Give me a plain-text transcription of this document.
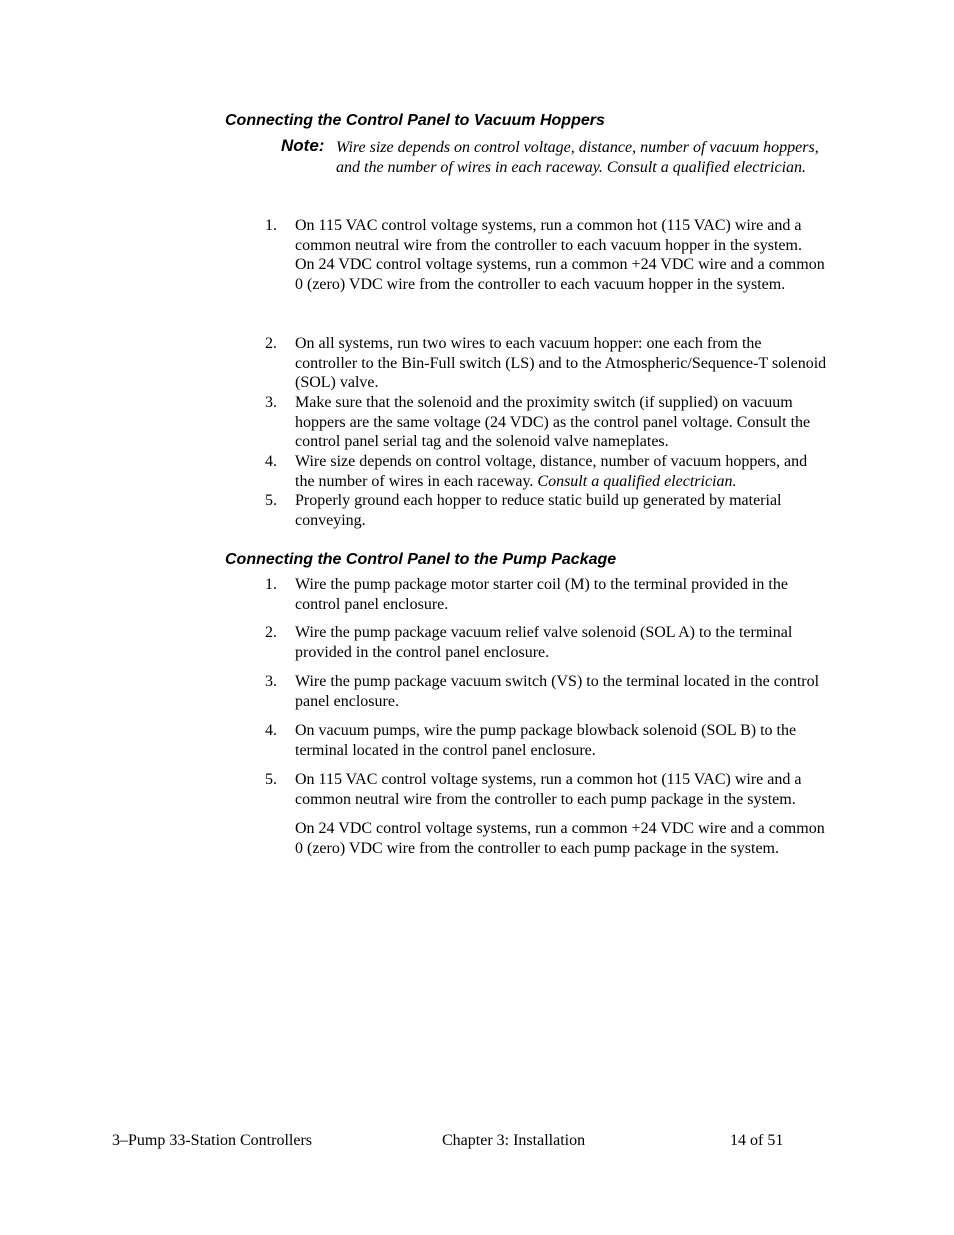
Connecting the Control Panel to Vacuum Hoppers
Note: Wire size depends on control voltage, distance, number of vacuum hoppers, and the number of wires in each raceway. Consult a qualified electrician.
1.	On 115 VAC control voltage systems, run a common hot (115 VAC) wire and a common neutral wire from the controller to each vacuum hopper in the system.

On 24 VDC control voltage systems, run a common +24 VDC wire and a common 0 (zero) VDC wire from the controller to each vacuum hopper in the system.

2.	On all systems, run two wires to each vacuum hopper: one each from the controller to the Bin-Full switch (LS) and to the Atmospheric/Sequence-T solenoid (SOL) valve.

3.	Make sure that the solenoid and the proximity switch (if supplied) on vacuum hoppers are the same voltage (24 VDC) as the control panel voltage. Consult the control panel serial tag and the solenoid valve nameplates.

4.	Wire size depends on control voltage, distance, number of vacuum hoppers, and the number of wires in each raceway. Consult a qualified electrician.

5.	Properly ground each hopper to reduce static build up generated by material conveying.

Connecting the Control Panel to the Pump Package
1.	Wire the pump package motor starter coil (M) to the terminal provided in the control panel enclosure.

2.	Wire the pump package vacuum relief valve solenoid (SOL A) to the terminal provided in the control panel enclosure.

3.	Wire the pump package vacuum switch (VS) to the terminal located in the control panel enclosure.

4.	On vacuum pumps, wire the pump package blowback solenoid (SOL B) to the terminal located in the control panel enclosure.

5.	On 115 VAC control voltage systems, run a common hot (115 VAC) wire and a common neutral wire from the controller to each pump package in the system.

On 24 VDC control voltage systems, run a common +24 VDC wire and a common 0 (zero) VDC wire from the controller to each pump package in the system.

3–Pump 33-Station Controllers	Chapter 3: Installation	14 of 51
